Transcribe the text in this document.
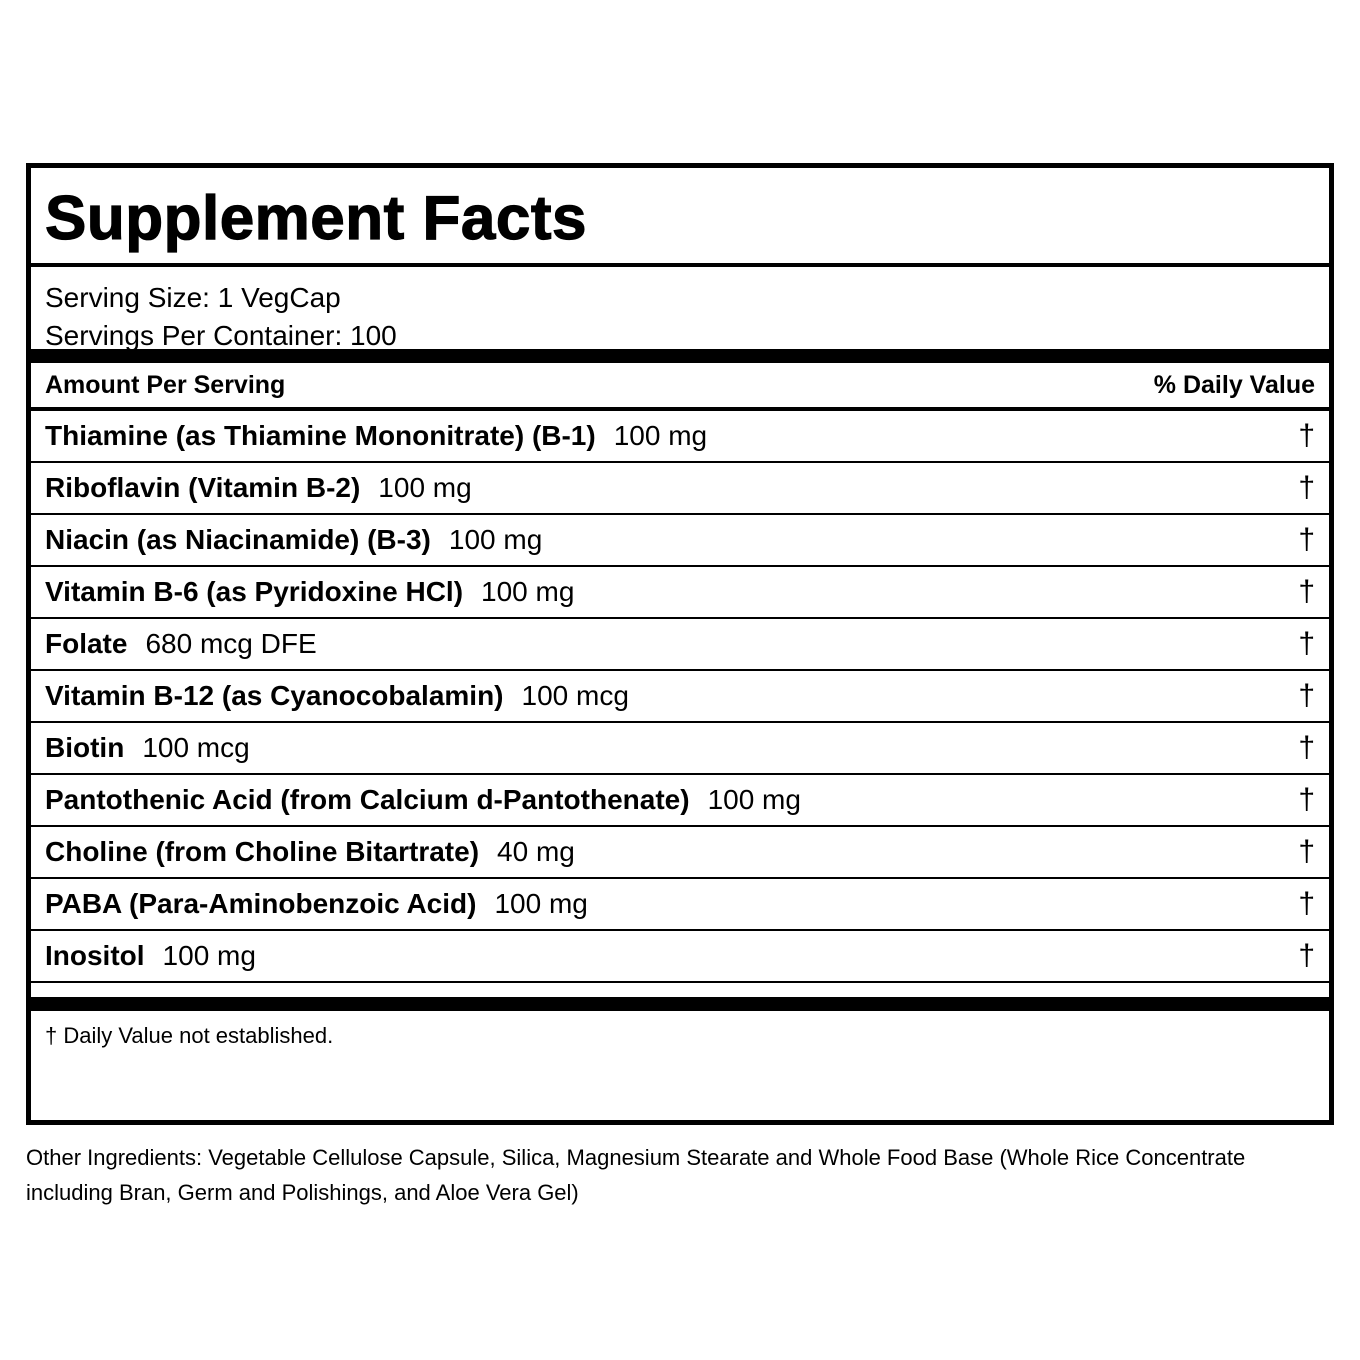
Supplement Facts
Serving Size: 1 VegCap
Servings Per Container: 100
Amount Per Serving	% Daily Value
Thiamine (as Thiamine Mononitrate) (B-1) 100 mg	†
Riboflavin (Vitamin B-2) 100 mg	†
Niacin (as Niacinamide) (B-3) 100 mg	†
Vitamin B-6 (as Pyridoxine HCl) 100 mg	†
Folate 680 mcg DFE	†
Vitamin B-12 (as Cyanocobalamin) 100 mcg	†
Biotin 100 mcg	†
Pantothenic Acid (from Calcium d-Pantothenate) 100 mg	†
Choline (from Choline Bitartrate) 40 mg	†
PABA (Para-Aminobenzoic Acid) 100 mg	†
Inositol 100 mg	†
† Daily Value not established.
Other Ingredients: Vegetable Cellulose Capsule, Silica, Magnesium Stearate and Whole Food Base (Whole Rice Concentrate including Bran, Germ and Polishings, and Aloe Vera Gel)
